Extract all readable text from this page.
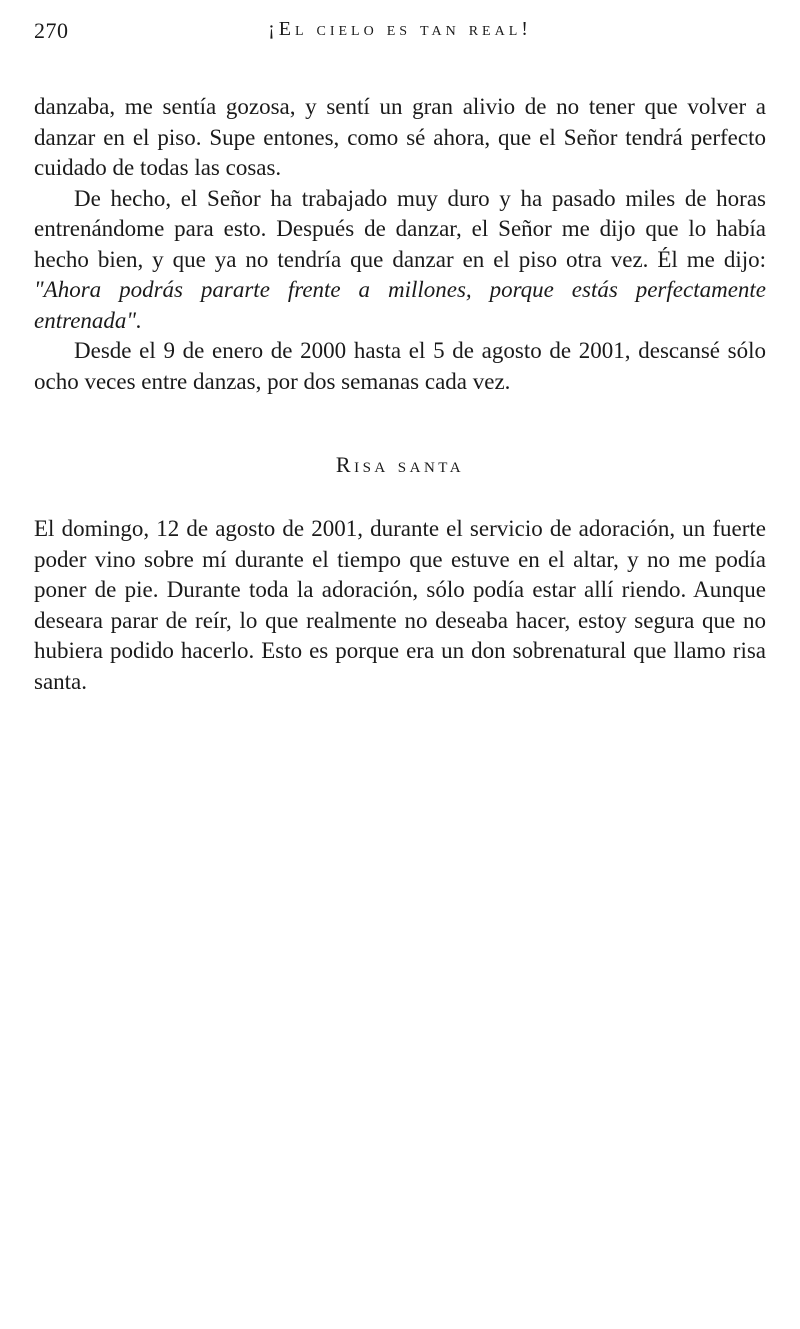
270	¡El cielo es tan real!

danzaba, me sentía gozosa, y sentí un gran alivio de no tener que volver a danzar en el piso. Supe entones, como sé ahora, que el Señor tendrá perfecto cuidado de todas las cosas.

De hecho, el Señor ha trabajado muy duro y ha pasado miles de horas entrenándome para esto. Después de danzar, el Señor me dijo que lo había hecho bien, y que ya no tendría que danzar en el piso otra vez. Él me dijo: "Ahora podrás pararte frente a millones, porque estás perfectamente entrenada".

Desde el 9 de enero de 2000 hasta el 5 de agosto de 2001, descansé sólo ocho veces entre danzas, por dos semanas cada vez.

Risa santa

El domingo, 12 de agosto de 2001, durante el servicio de adoración, un fuerte poder vino sobre mí durante el tiempo que estuve en el altar, y no me podía poner de pie. Durante toda la adoración, sólo podía estar allí riendo. Aunque deseara parar de reír, lo que realmente no deseaba hacer, estoy segura que no hubiera podido hacerlo. Esto es porque era un don sobrenatural que llamo risa santa.
